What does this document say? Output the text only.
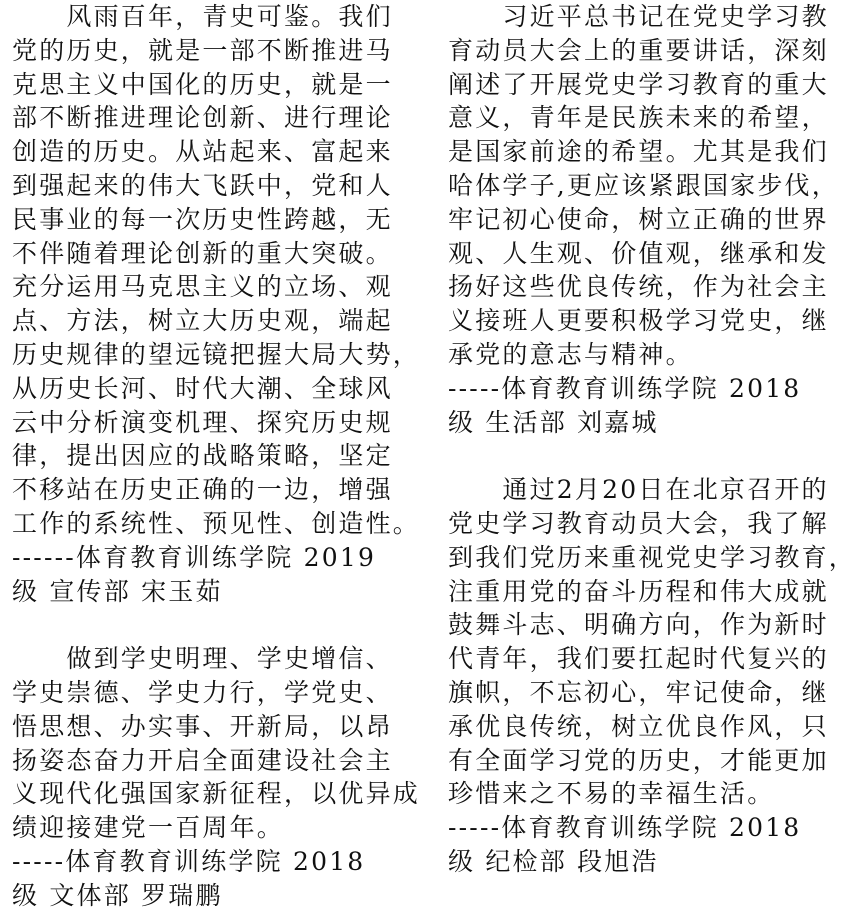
　　风雨百年，青史可鉴。我们
党的历史，就是一部不断推进马
克思主义中国化的历史，就是一
部不断推进理论创新、进行理论
创造的历史。从站起来、富起来
到强起来的伟大飞跃中，党和人
民事业的每一次历史性跨越，无
不伴随着理论创新的重大突破。
充分运用马克思主义的立场、观
点、方法，树立大历史观，端起
历史规律的望远镜把握大局大势，
从历史长河、时代大潮、全球风
云中分析演变机理、探究历史规
律，提出因应的战略策略，坚定
不移站在历史正确的一边，增强
工作的系统性、预见性、创造性。
------体育教育训练学院 2019
级 宣传部 宋玉茹
　　做到学史明理、学史增信、
学史崇德、学史力行，学党史、
悟思想、办实事、开新局，以昂
扬姿态奋力开启全面建设社会主
义现代化强国家新征程，以优异成
绩迎接建党一百周年。
-----体育教育训练学院 2018
级 文体部 罗瑞鹏
　　习近平总书记在党史学习教
育动员大会上的重要讲话，深刻
阐述了开展党史学习教育的重大
意义，青年是民族未来的希望，
是国家前途的希望。尤其是我们
哈体学子,更应该紧跟国家步伐，
牢记初心使命，树立正确的世界
观、人生观、价值观，继承和发
扬好这些优良传统，作为社会主
义接班人更要积极学习党史，继
承党的意志与精神。
-----体育教育训练学院 2018
级 生活部 刘嘉城
　　通过2月20日在北京召开的
党史学习教育动员大会，我了解
到我们党历来重视党史学习教育，
注重用党的奋斗历程和伟大成就
鼓舞斗志、明确方向，作为新时
代青年，我们要扛起时代复兴的
旗帜，不忘初心，牢记使命，继
承优良传统，树立优良作风，只
有全面学习党的历史，才能更加
珍惜来之不易的幸福生活。
-----体育教育训练学院 2018
级 纪检部 段旭浩
